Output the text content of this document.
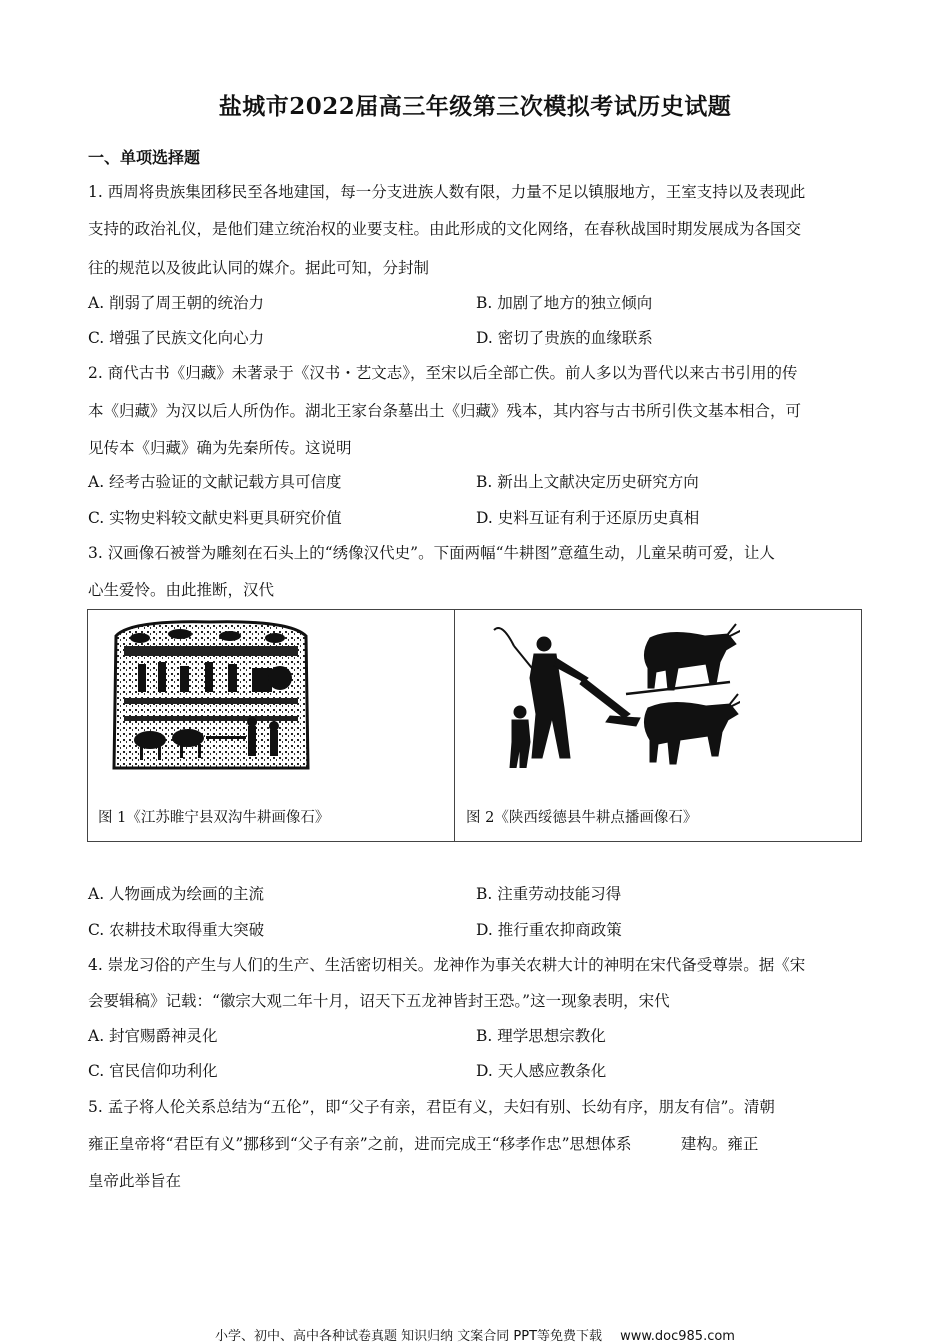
盐城市2022届高三年级第三次模拟考试历史试题
一、单项选择题
1. 西周将贵族集团移民至各地建国，每一分支进族人数有限，力量不足以镇服地方，王室支持以及表现此
支持的政治礼仪，是他们建立统治权的业要支柱。由此形成的文化网络，在春秋战国时期发展成为各国交
往的规范以及彼此认同的媒介。据此可知，分封制
A. 削弱了周王朝的统治力	B. 加剧了地方的独立倾向
C. 增强了民族文化向心力	D. 密切了贵族的血缘联系
2. 商代古书《归藏》未著录于《汉书・艺文志》，至宋以后全部亡佚。前人多以为晋代以来古书引用的传
本《归藏》为汉以后人所伪作。湖北王家台条墓出土《归藏》残本，其内容与古书所引佚文基本相合，可
见传本《归藏》确为先秦所传。这说明
A. 经考古验证的文献记载方具可信度	B. 新出上文献决定历史研究方向
C. 实物史料较文献史料更具研究价值	D. 史料互证有利于还原历史真相
3. 汉画像石被誉为雕刻在石头上的“绣像汉代史”。下面两幅“牛耕图”意蕴生动，儿童呆萌可爱，让人
心生爱怜。由此推断，汉代
图 1《江苏睢宁县双沟牛耕画像石》	图 2《陕西绥德县牛耕点播画像石》
A. 人物画成为绘画的主流	B. 注重劳动技能习得
C. 农耕技术取得重大突破	D. 推行重农抑商政策
4. 崇龙习俗的产生与人们的生产、生活密切相关。龙神作为事关农耕大计的神明在宋代备受尊崇。据《宋
会要辑稿》记载：“徽宗大观二年十月，诏天下五龙神皆封王恐。”这一现象表明，宋代
A. 封官赐爵神灵化	B. 理学思想宗教化
C. 官民信仰功利化	D. 天人感应教条化
5. 孟子将人伦关系总结为“五伦”，即“父子有亲，君臣有义，夫妇有别、长幼有序，朋友有信”。清朝
雍正皇帝将“君臣有义”挪移到“父子有亲”之前，进而完成王“移孝作忠”思想体系          建构。雍正
皇帝此举旨在
小学、初中、高中各种试卷真题 知识归纳 文案合同 PPT等免费下载 www.doc985.com
